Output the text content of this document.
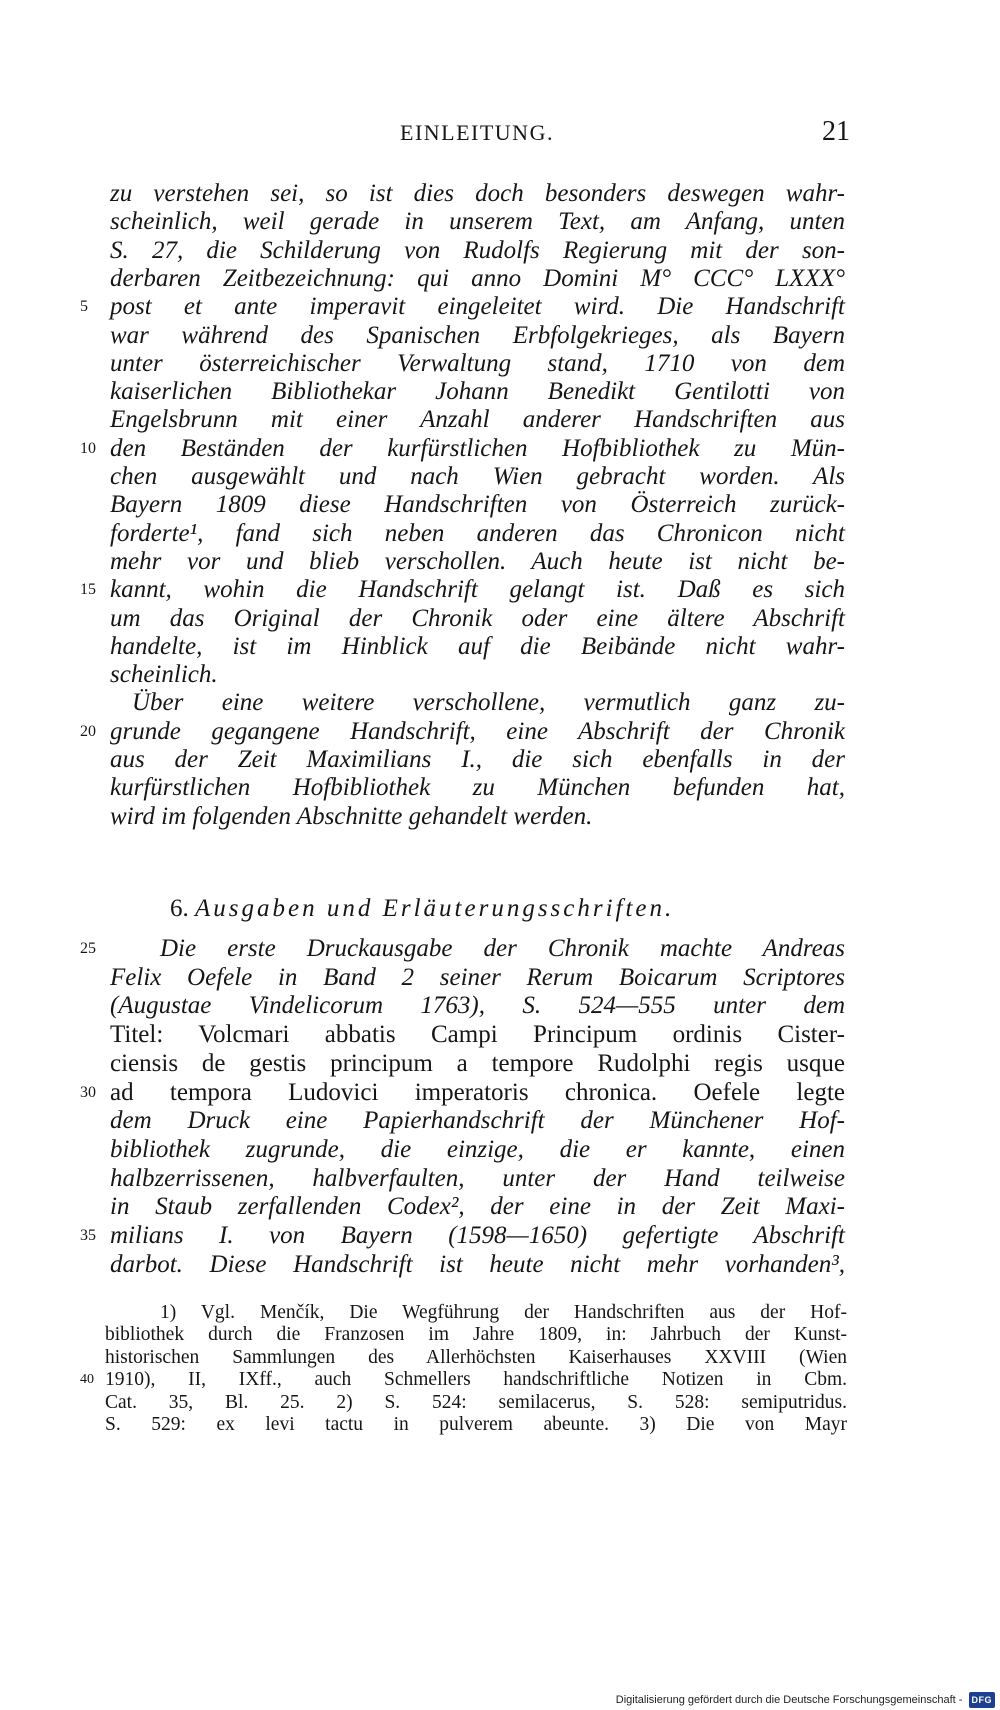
EINLEITUNG.	21
zu verstehen sei, so ist dies doch besonders deswegen wahr-
scheinlich, weil gerade in unserem Text, am Anfang, unten
S. 27, die Schilderung von Rudolfs Regierung mit der son-
derbaren Zeitbezeichnung: qui anno Domini M° CCC° LXXX°
post et ante imperavit eingeleitet wird. Die Handschrift
5
war während des Spanischen Erbfolgekrieges, als Bayern
unter österreichischer Verwaltung stand, 1710 von dem
kaiserlichen Bibliothekar Johann Benedikt Gentilotti von
Engelsbrunn mit einer Anzahl anderer Handschriften aus
den Beständen der kurfürstlichen Hofbibliothek zu Mün-
10
chen ausgewählt und nach Wien gebracht worden. Als
Bayern 1809 diese Handschriften von Österreich zurück-
forderte¹, fand sich neben anderen das Chronicon nicht
mehr vor und blieb verschollen. Auch heute ist nicht be-
kannt, wohin die Handschrift gelangt ist. Daß es sich
15
um das Original der Chronik oder eine ältere Abschrift
handelte, ist im Hinblick auf die Beibände nicht wahr-
scheinlich.
Über eine weitere verschollene, vermutlich ganz zu-
grunde gegangene Handschrift, eine Abschrift der Chronik
20
aus der Zeit Maximilians I., die sich ebenfalls in der
kurfürstlichen Hofbibliothek zu München befunden hat,
wird im folgenden Abschnitte gehandelt werden.
6. Ausgaben und Erläuterungsschriften.
Die erste Druckausgabe der Chronik machte Andreas
25
Felix Oefele in Band 2 seiner Rerum Boicarum Scriptores
(Augustae Vindelicorum 1763), S. 524—555 unter dem
Titel: Volcmari abbatis Campi Principum ordinis Cister-
ciensis de gestis principum a tempore Rudolphi regis usque
ad tempora Ludovici imperatoris chronica. Oefele legte
30
dem Druck eine Papierhandschrift der Münchener Hof-
bibliothek zugrunde, die einzige, die er kannte, einen
halbzerrissenen, halbverfaulten, unter der Hand teilweise
in Staub zerfallenden Codex², der eine in der Zeit Maxi-
milians I. von Bayern (1598—1650) gefertigte Abschrift
35
darbot. Diese Handschrift ist heute nicht mehr vorhanden³,
1) Vgl. Menčík, Die Wegführung der Handschriften aus der Hof-
bibliothek durch die Franzosen im Jahre 1809, in: Jahrbuch der Kunst-
historischen Sammlungen des Allerhöchsten Kaiserhauses XXVIII (Wien
1910), II, IXff., auch Schmellers handschriftliche Notizen in Cbm.
40
Cat. 35, Bl. 25. 2) S. 524: semilacerus, S. 528: semiputridus.
S. 529: ex levi tactu in pulverem abeunte. 3) Die von Mayr
Digitalisierung gefördert durch die Deutsche Forschungsgemeinschaft - DFG
